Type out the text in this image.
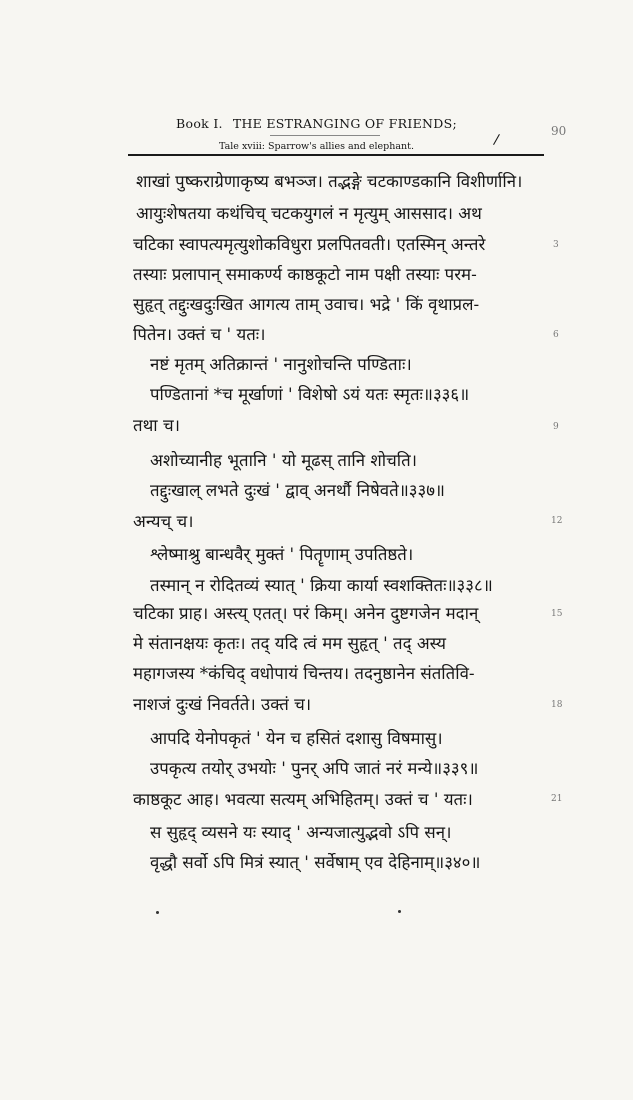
90
Book I. THE ESTRANGING OF FRIENDS;
/
Tale xviii: Sparrow's allies and elephant.
शाखां पुष्कराग्रेणाकृष्य बभञ्ज। तद्भङ्गे चटकाण्डकानि विशीर्णानि।
आयुःशेषतया कथंचिच् चटकयुगलं न मृत्युम् आससाद। अथ
चटिका स्वापत्यमृत्युशोकविधुरा प्रलपितवती। एतस्मिन् अन्तरे
तस्याः प्रलापान् समाकर्ण्य काष्ठकूटो नाम पक्षी तस्याः परम-
सुहृत् तद्दुःखदुःखित आगत्य ताम् उवाच। भद्रे ' किं वृथाप्रल-
पितेन। उक्तं च ' यतः।
नष्टं मृतम् अतिक्रान्तं ' नानुशोचन्ति पण्डिताः।
पण्डितानां *च मूर्खाणां ' विशेषो ऽयं यतः स्मृतः॥३३६॥
तथा च।
अशोच्यानीह भूतानि ' यो मूढस् तानि शोचति।
तद्दुःखाल् लभते दुःखं ' द्वाव् अनर्थौ निषेवते॥३३७॥
अन्यच् च।
श्लेष्माश्रु बान्धवैर् मुक्तं ' पितॄणाम् उपतिष्ठते।
तस्मान् न रोदितव्यं स्यात् ' क्रिया कार्या स्वशक्तितः॥३३८॥
चटिका प्राह। अस्त्य् एतत्। परं किम्। अनेन दुष्टगजेन मदान्
मे संतानक्षयः कृतः। तद् यदि त्वं मम सुहृत् ' तद् अस्य
महागजस्य *कंचिद् वधोपायं चिन्तय। तदनुष्ठानेन संततिवि-
नाशजं दुःखं निवर्तते। उक्तं च।
आपदि येनोपकृतं ' येन च हसितं दशासु विषमासु।
उपकृत्य तयोर् उभयोः ' पुनर् अपि जातं नरं मन्ये॥३३९॥
काष्ठकूट आह। भवत्या सत्यम् अभिहितम्। उक्तं च ' यतः।
स सुहृद् व्यसने यः स्याद् ' अन्यजात्युद्भवो ऽपि सन्।
वृद्धौ सर्वो ऽपि मित्रं स्यात् ' सर्वेषाम् एव देहिनाम्॥३४०॥
3
6
9
12
15
18
21
